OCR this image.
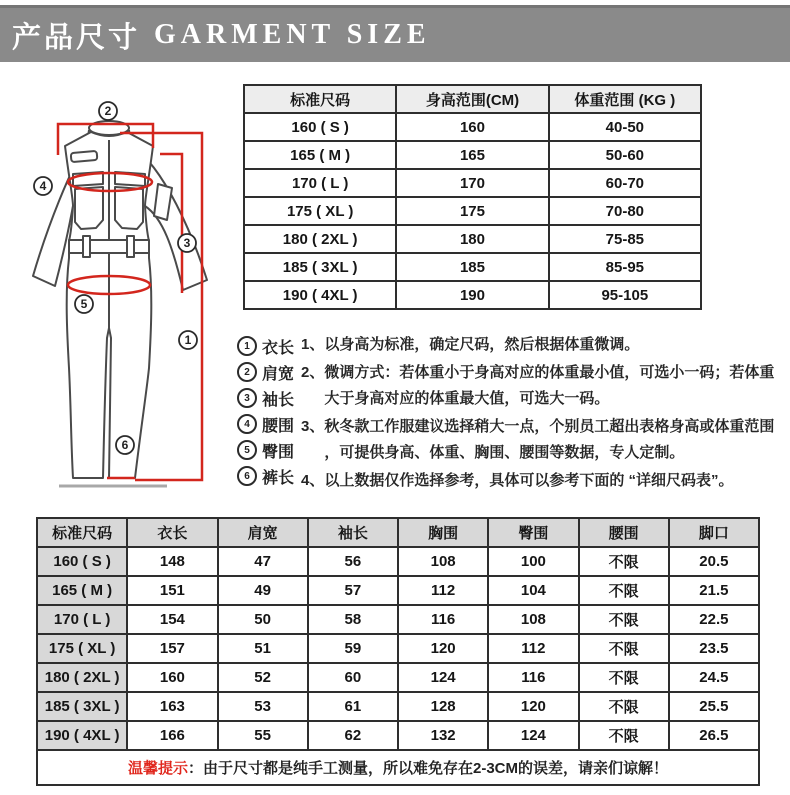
产品尺寸 GARMENT SIZE
2
4
3
1
5
6
标准尺码	身高范围(CM)	体重范围 (KG )
160 ( S )	160	40-50
165 ( M )	165	50-60
170 ( L )	170	60-70
175 ( XL )	175	70-80
180 ( 2XL )	180	75-85
185 ( 3XL )	185	85-95
190 ( 4XL )	190	95-105
1 衣长
2 肩宽
3 袖长
4 腰围
5 臀围
6 裤长
1、 以身高为标准，确定尺码，然后根据体重微调。
2、 微调方式：若体重小于身高对应的体重最小值，可选小一码；若体重大于身高对应的体重最大值，可选大一码。
3、 秋冬款工作服建议选择稍大一点，个别员工超出表格身高或体重范围，可提供身高、体重、胸围、腰围等数据，专人定制。
4、 以上数据仅作选择参考，具体可以参考下面的 “详细尺码表”。
标准尺码	衣长	肩宽	袖长	胸围	臀围	腰围	脚口
160 ( S )	148	47	56	108	100	不限	20.5
165 ( M )	151	49	57	112	104	不限	21.5
170 ( L )	154	50	58	116	108	不限	22.5
175 ( XL )	157	51	59	120	112	不限	23.5
180 ( 2XL )	160	52	60	124	116	不限	24.5
185 ( 3XL )	163	53	61	128	120	不限	25.5
190 ( 4XL )	166	55	62	132	124	不限	26.5
温馨提示：由于尺寸都是纯手工测量，所以难免存在2-3CM的误差，请亲们谅解！							
